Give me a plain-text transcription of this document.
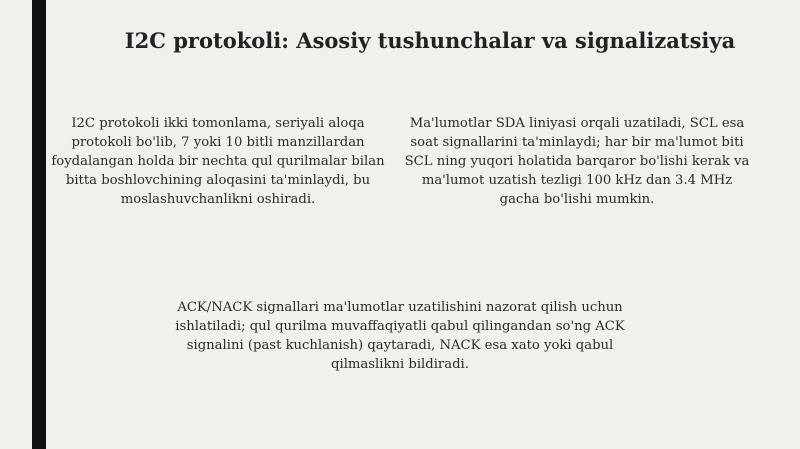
I2C protokoli: Asosiy tushunchalar va signalizatsiya

I2C protokoli ikki tomonlama, seriyali aloqa protokoli bo'lib, 7 yoki 10 bitli manzillardan foydalangan holda bir nechta qul qurilmalar bilan bitta boshlovchining aloqasini ta'minlaydi, bu moslashuvchanlikni oshiradi.

Ma'lumotlar SDA liniyasi orqali uzatiladi, SCL esa soat signallarini ta'minlaydi; har bir ma'lumot biti SCL ning yuqori holatida barqaror bo'lishi kerak va ma'lumot uzatish tezligi 100 kHz dan 3.4 MHz gacha bo'lishi mumkin.

ACK/NACK signallari ma'lumotlar uzatilishini nazorat qilish uchun ishlatiladi; qul qurilma muvaffaqiyatli qabul qilingandan so'ng ACK signalini (past kuchlanish) qaytaradi, NACK esa xato yoki qabul qilmaslikni bildiradi.
